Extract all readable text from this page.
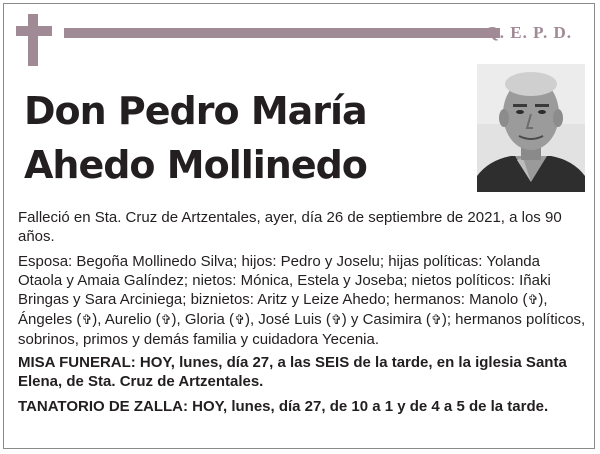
Q. E. P. D.
Don Pedro María
Ahedo Mollinedo

Falleció en Sta. Cruz de Artzentales, ayer, día 26 de septiembre de 2021, a los 90 años.

Esposa: Begoña Mollinedo Silva; hijos: Pedro y Joselu; hijas políticas: Yolanda Otaola y Amaia Galíndez; nietos: Mónica, Estela y Joseba; nietos políticos: Iñaki Bringas y Sara Arciniega; biznietos: Aritz y Leize Ahedo; hermanos: Manolo (✞), Ángeles (✞), Aurelio (✞), Gloria (✞), José Luis (✞) y Casimira (✞); hermanos políticos, sobrinos, primos y demás familia y cuidadora Yecenia.

MISA FUNERAL: HOY, lunes, día 27, a las SEIS de la tarde, en la iglesia Santa Elena, de Sta. Cruz de Artzentales.

TANATORIO DE ZALLA: HOY, lunes, día 27, de 10 a 1 y de 4 a 5 de la tarde.
